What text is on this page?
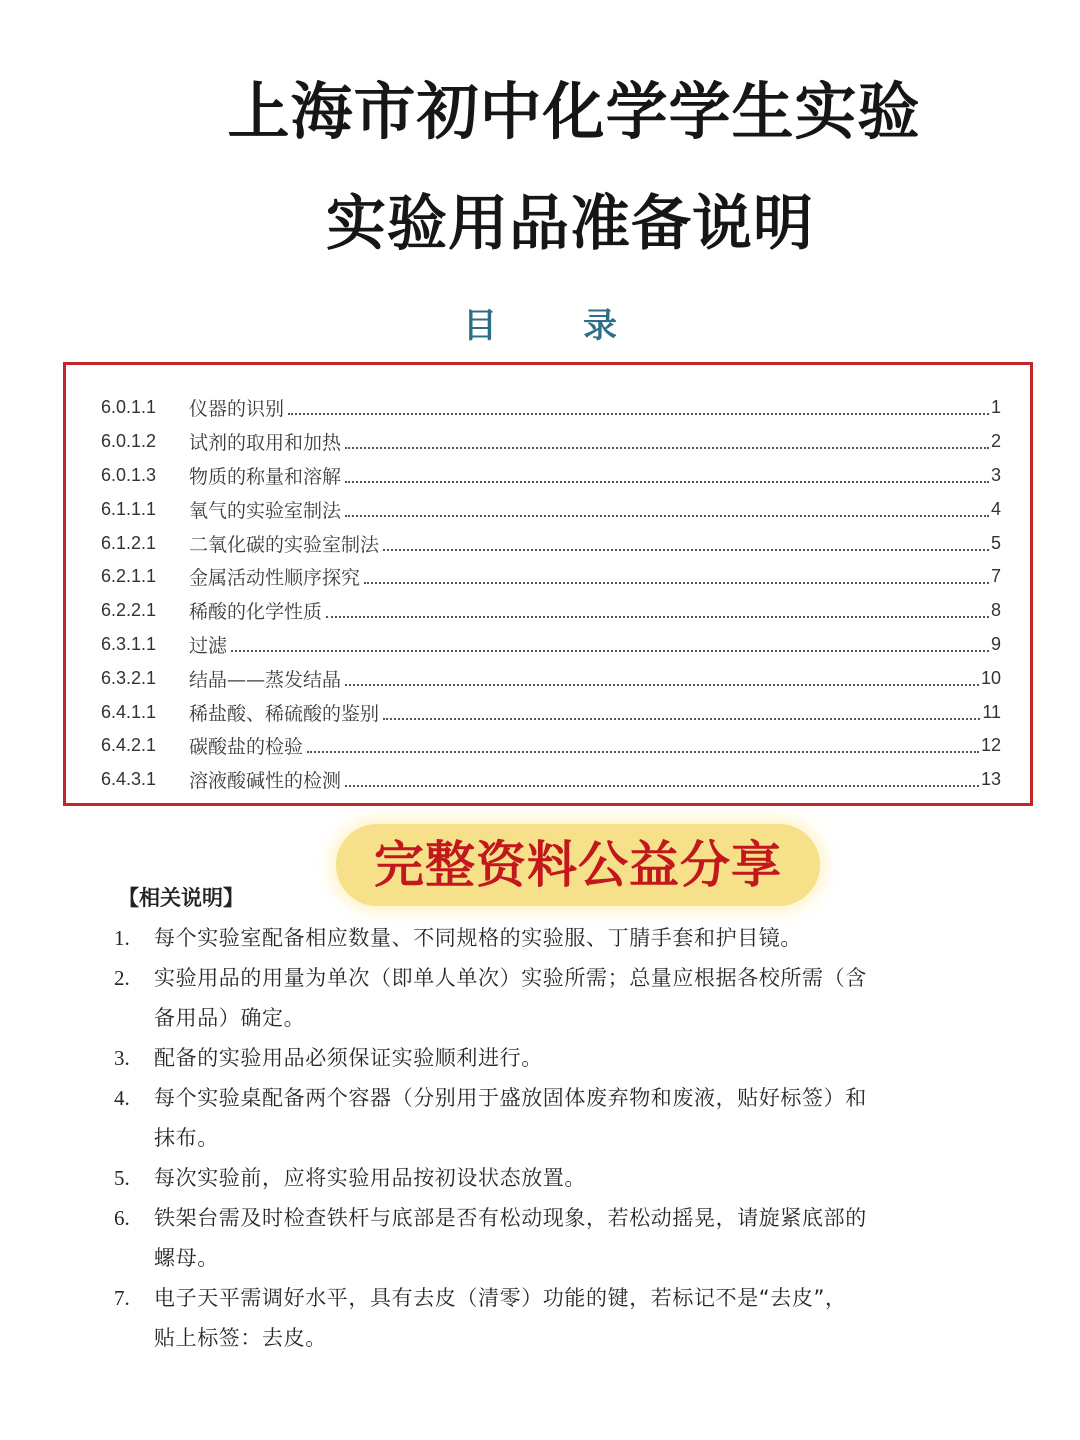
上海市初中化学学生实验
实验用品准备说明
目	录
6.0.1.1	仪器的识别	1
6.0.1.2	试剂的取用和加热	2
6.0.1.3	物质的称量和溶解	3
6.1.1.1	氧气的实验室制法	4
6.1.2.1	二氧化碳的实验室制法	5
6.2.1.1	金属活动性顺序探究	7
6.2.2.1	稀酸的化学性质	8
6.3.1.1	过滤	9
6.3.2.1	结晶——蒸发结晶	10
6.4.1.1	稀盐酸、稀硫酸的鉴别	11
6.4.2.1	碳酸盐的检验	12
6.4.3.1	溶液酸碱性的检测	13
完整资料公益分享
【相关说明】
1.	每个实验室配备相应数量、不同规格的实验服、丁腈手套和护目镜。
2.	实验用品的用量为单次（即单人单次）实验所需；总量应根据各校所需（含
备用品）确定。
3.	配备的实验用品必须保证实验顺利进行。
4.	每个实验桌配备两个容器（分别用于盛放固体废弃物和废液，贴好标签）和
抹布。
5.	每次实验前，应将实验用品按初设状态放置。
6.	铁架台需及时检查铁杆与底部是否有松动现象，若松动摇晃，请旋紧底部的
螺母。
7.	电子天平需调好水平，具有去皮（清零）功能的键，若标记不是“去皮”，
贴上标签：去皮。
